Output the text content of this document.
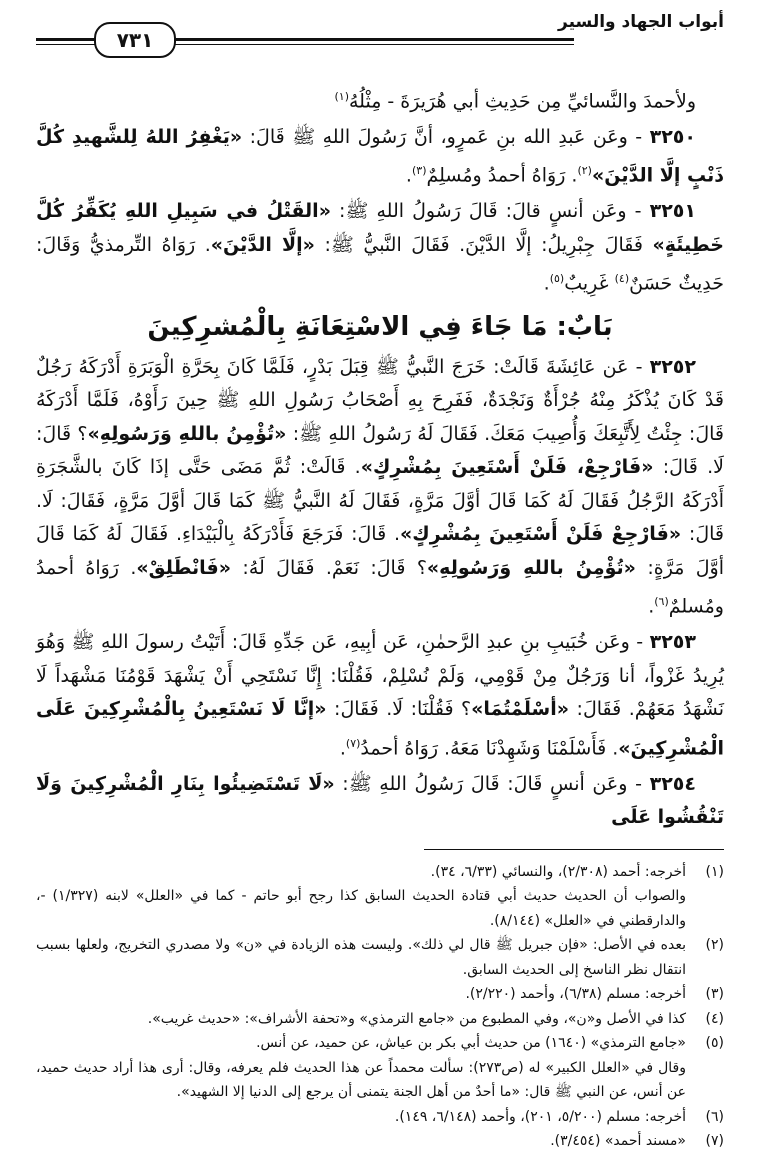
أبواب الجهاد والسير
٧٣١

ولأحمدَ والنَّسائيِّ مِن حَدِيثِ أبي هُرَيرَةَ - مِثْلُهُ$^{(١)}$

٣٢٥٠ - وعَن عَبدِ الله بنِ عَمرٍو، أنَّ رَسُولَ اللهِ ﷺ قَالَ: «يَغْفِرُ اللهُ لِلشَّهيدِ كُلَّ ذَنْبٍ إلَّا الدَّيْنَ»$^{(٢)}$. رَوَاهُ أحمدُ ومُسلِمٌ$^{(٣)}$.

٣٢٥١ - وعَن أنسٍ قالَ: قَالَ رَسُولُ اللهِ ﷺ: «القَتْلُ في سَبِيلِ اللهِ يُكَفِّرُ كُلَّ خَطِيئَةٍ» فَقَالَ جِبْرِيلُ: إلَّا الدَّيْنَ. فَقَالَ النَّبيُّ ﷺ: «إلَّا الدَّيْنَ». رَوَاهُ التِّرمذيُّ وَقَالَ: حَدِيثٌ حَسَنٌ$^{(٤)}$ غَرِيبٌ$^{(٥)}$.

بَابٌ: مَا جَاءَ فِي الاسْتِعَانَةِ بِالْمُشرِكِينَ

٣٢٥٢ - عَن عَائِشَةَ قَالَتْ: خَرَجَ النَّبيُّ ﷺ قِبَلَ بَدْرٍ، فَلَمَّا كَانَ بِحَرَّةِ الْوَبَرَةِ أَدْرَكَهُ رَجُلٌ قَدْ كَانَ يُذْكَرُ مِنْهُ جُرْأَةٌ وَنَجْدَةٌ، فَفَرِحَ بِهِ أَصْحَابُ رَسُولِ اللهِ ﷺ حِينَ رَأَوْهُ، فَلَمَّا أَدْرَكَهُ قَالَ: جِئْتُ لِأَتَّبِعَكَ وَأُصِيبَ مَعَكَ. فَقَالَ لَهُ رَسُولُ اللهِ ﷺ: «تُؤْمِنُ باللهِ وَرَسُولِهِ»؟ قَالَ: لَا. قَالَ: «فَارْجِعْ، فَلَنْ أَسْتَعِينَ بِمُشْرِكٍ». قَالَتْ: ثُمَّ مَضَى حَتَّى إذَا كَانَ بالشَّجَرَةِ أَدْرَكَهُ الرَّجُلُ فَقَالَ لَهُ كَمَا قَالَ أوَّلَ مَرَّةٍ، فَقَالَ لَهُ النَّبيُّ ﷺ كَمَا قَالَ أوَّلَ مَرَّةٍ، فَقَالَ: لَا. قَالَ: «فَارْجِعْ فَلَنْ أَسْتَعِينَ بِمُشْرِكٍ». قَالَ: فَرَجَعَ فَأَدْرَكَهُ بِالْبَيْدَاءِ. فَقَالَ لَهُ كَمَا قَالَ أوَّلَ مَرَّةٍ: «تُؤْمِنُ باللهِ وَرَسُولِهِ»؟ قَالَ: نَعَمْ. فَقَالَ لَهُ: «فَانْطَلِقْ». رَوَاهُ أحمدُ ومُسلمٌ$^{(٦)}$.

٣٢٥٣ - وعَن خُبَيبِ بنِ عبدِ الرَّحمٰنِ، عَن أبِيهِ، عَن جَدِّهِ قَالَ: أَتَيْتُ رسولَ اللهِ ﷺ وَهُوَ يُرِيدُ غَزْواً، أنا وَرَجُلٌ مِنْ قَوْمِي، وَلَمْ نُسْلِمْ، فَقُلْنَا: إِنَّا نَسْتَحِي أَنْ يَشْهَدَ قَوْمُنَا مَشْهَداً لَا نَشْهَدُ مَعَهُمْ. فَقَالَ: «أسْلَمْتُمَا»؟ فَقُلْنَا: لَا. فَقَالَ: «إنَّا لَا نَسْتَعِينُ بِالْمُشْرِكِينَ عَلَى الْمُشْرِكِينَ». فَأَسْلَمْنَا وَشَهِدْنَا مَعَهُ. رَوَاهُ أحمدُ$^{(٧)}$.

٣٢٥٤ - وعَن أنسٍ قَالَ: قَالَ رَسُولُ اللهِ ﷺ: «لَا تَسْتَضِيئُوا بِنَارِ الْمُشْرِكِينَ وَلَا تَنْقُشُوا عَلَى

(١)
أخرجه: أحمد (٢/٣٠٨)، والنسائي (٦/٣٣، ٣٤).
والصواب أن الحديث حديث أبي قتادة الحديث السابق كذا رجح أبو حاتم - كما في «العلل» لابنه (١/٣٢٧) -، والدارقطني في «العلل» (٨/١٤٤).
(٢)
بعده في الأصل: «فإن جبريل ﷺ قال لي ذلك». وليست هذه الزيادة في «ن» ولا مصدري التخريج، ولعلها بسبب انتقال نظر الناسخ إلى الحديث السابق.
(٣)
أخرجه: مسلم (٦/٣٨)، وأحمد (٢/٢٢٠).
(٤)
كذا في الأصل و«ن»، وفي المطبوع من «جامع الترمذي» و«تحفة الأشراف»: «حديث غريب».
(٥)
«جامع الترمذي» (١٦٤٠) من حديث أبي بكر بن عياش، عن حميد، عن أنس.
وقال في «العلل الكبير» له (ص٢٧٣): سألت محمداً عن هذا الحديث فلم يعرفه، وقال: أرى هذا أراد حديث حميد، عن أنس، عن النبي ﷺ قال: «ما أحدٌ من أهل الجنة يتمنى أن يرجع إلى الدنيا إلا الشهيد».
(٦)
أخرجه: مسلم (٥/٢٠٠، ٢٠١)، وأحمد (٦/١٤٨، ١٤٩).
(٧)
«مسند أحمد» (٣/٤٥٤).
